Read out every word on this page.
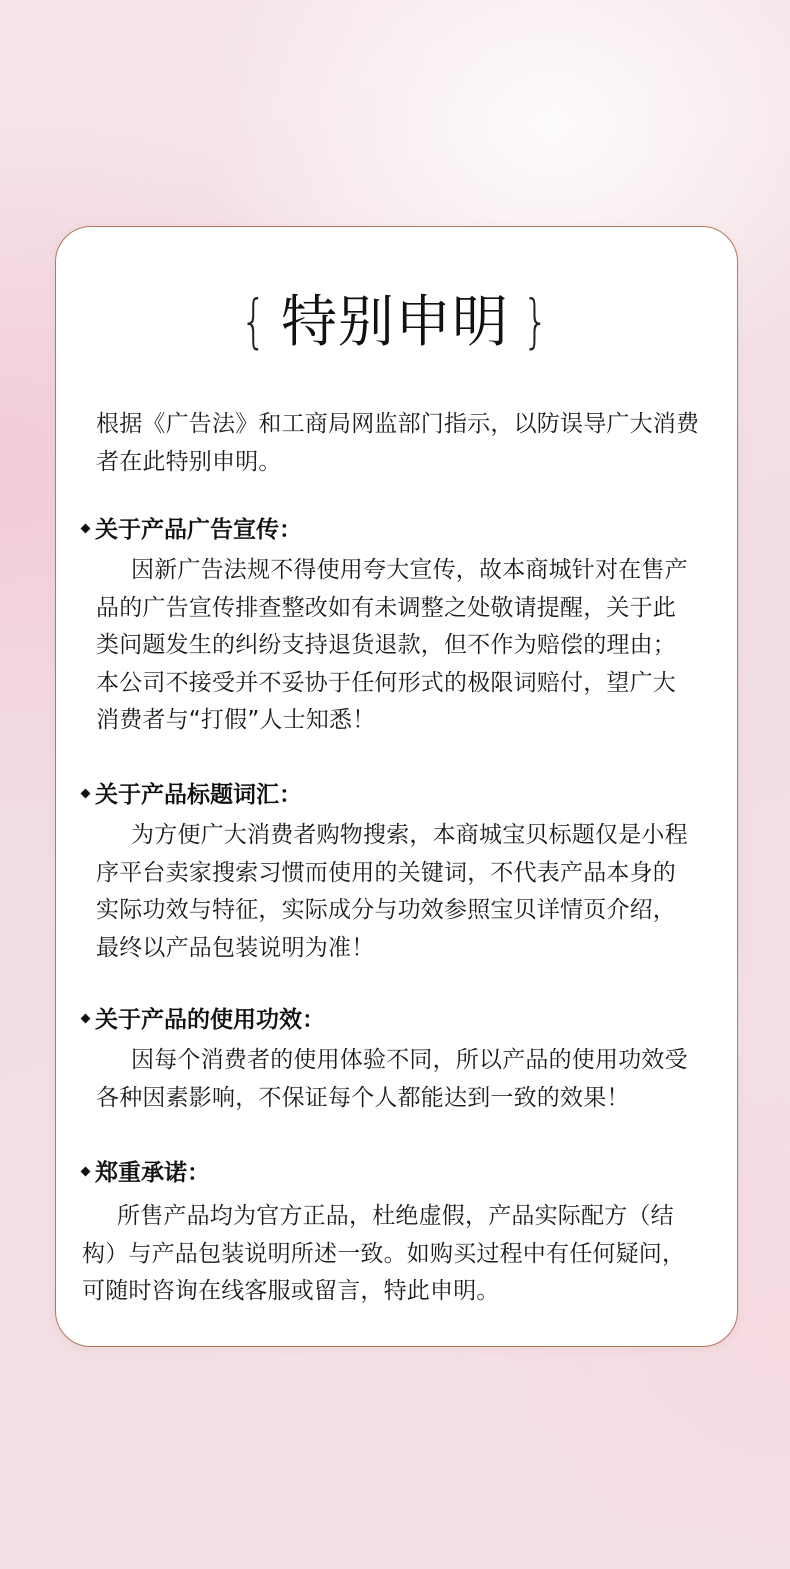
{ 特别申明 }

根据《广告法》和工商局网监部门指示，以防误导广大消费者在此特别申明。

关于产品广告宣传：

因新广告法规不得使用夸大宣传，故本商城针对在售产品的广告宣传排查整改如有未调整之处敬请提醒，关于此类问题发生的纠纷支持退货退款，但不作为赔偿的理由；本公司不接受并不妥协于任何形式的极限词赔付，望广大消费者与“打假”人士知悉！

关于产品标题词汇：

为方便广大消费者购物搜索，本商城宝贝标题仅是小程序平台卖家搜索习惯而使用的关键词，不代表产品本身的实际功效与特征，实际成分与功效参照宝贝详情页介绍，最终以产品包装说明为准！

关于产品的使用功效：

因每个消费者的使用体验不同，所以产品的使用功效受各种因素影响，不保证每个人都能达到一致的效果！

郑重承诺：

所售产品均为官方正品，杜绝虚假，产品实际配方（结构）与产品包装说明所述一致。如购买过程中有任何疑问，可随时咨询在线客服或留言，特此申明。
